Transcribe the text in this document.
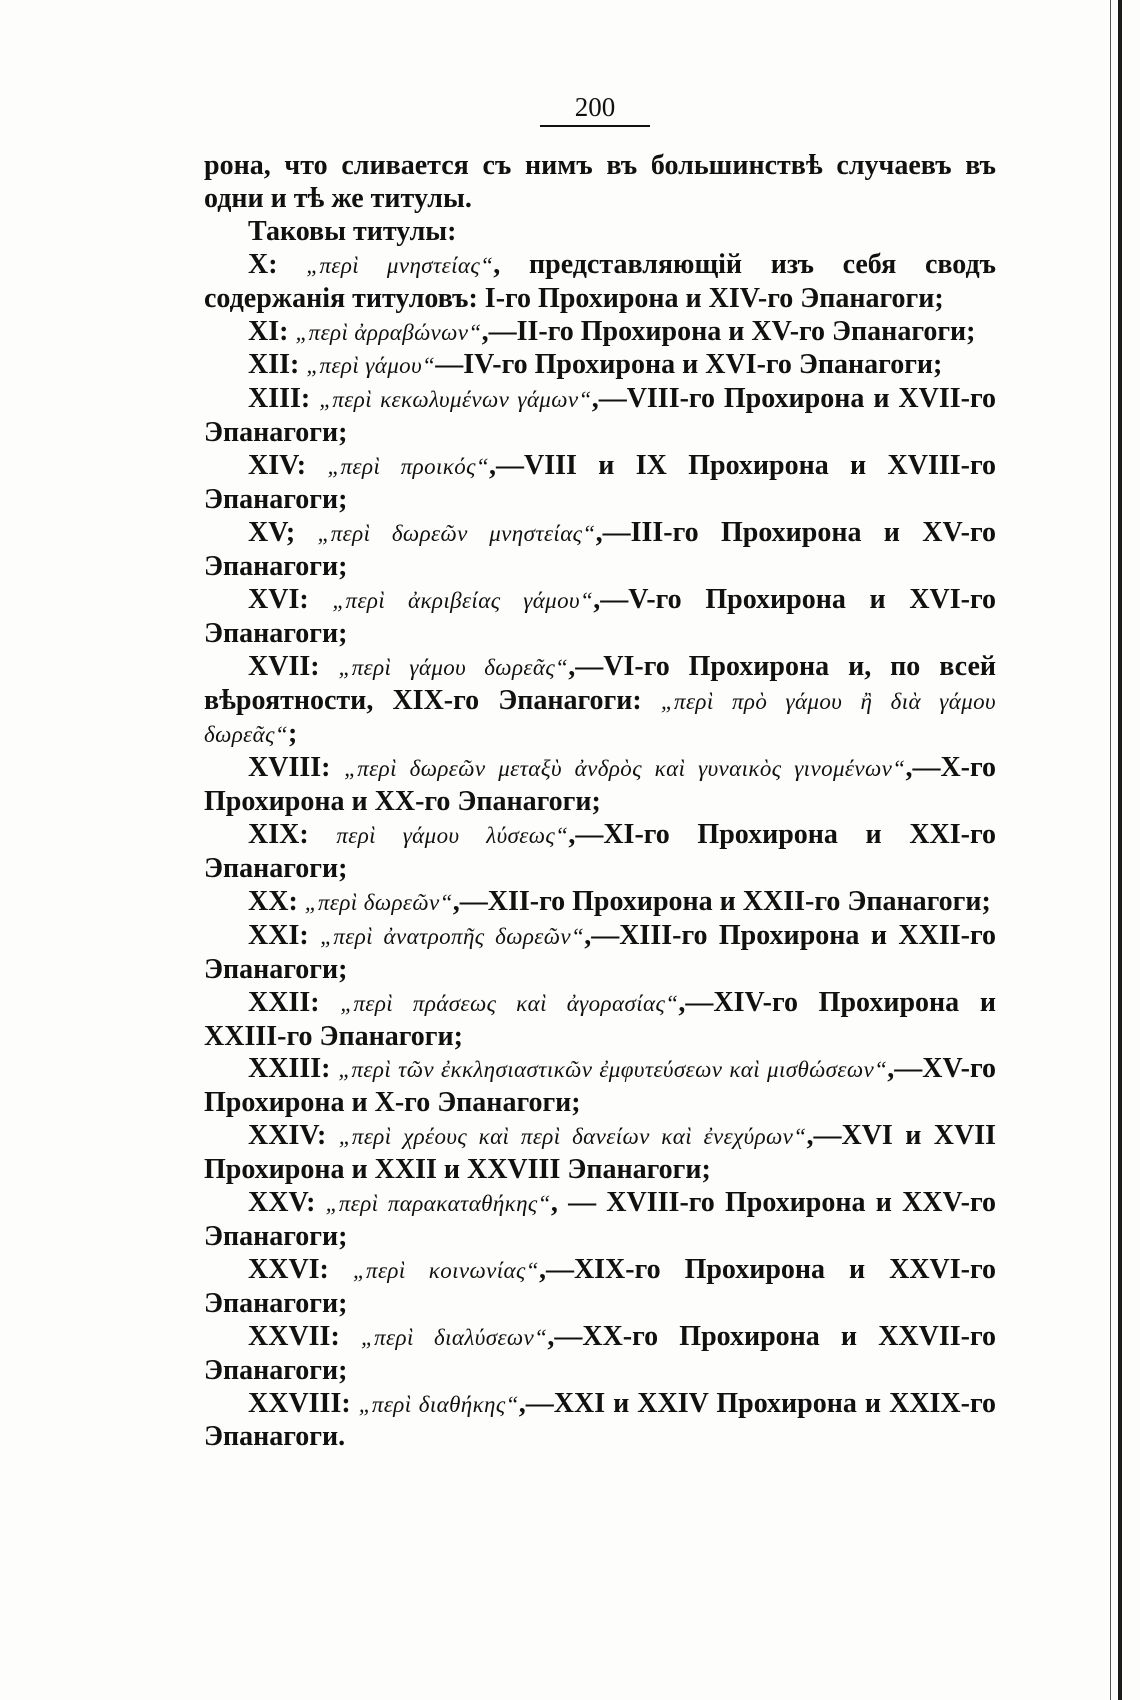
200

рона, что сливается съ нимъ въ большинствѣ случаевъ въ одни и тѣ же титулы.

Таковы титулы:

X: „περὶ μνηστείας“, представляющій изъ себя сводъ содержанія титуловъ: I-го Прохирона и XIV-го Эпанагоги;

XI: „περὶ ἀρραβώνων“,—II-го Прохирона и XV-го Эпанагоги;

XII: „περὶ γάμου“—IV-го Прохирона и XVI-го Эпанагоги;

XIII: „περὶ κεκωλυμένων γάμων“,—VIII-го Прохирона и XVII-го Эпанагоги;

XIV: „περὶ προικός“,—VIII и IX Прохирона и XVIII-го Эпанагоги;

XV; „περὶ δωρεῶν μνηστείας“,—III-го Прохирона и XV-го Эпанагоги;

XVI: „περὶ ἀκριβείας γάμου“,—V-го Прохирона и XVI-го Эпанагоги;

XVII: „περὶ γάμου δωρεᾶς“,—VI-го Прохирона и, по всей вѣроятности, XIX-го Эпанагоги: „περὶ πρὸ γάμου ἢ διὰ γάμου δωρεᾶς“;

XVIII: „περὶ δωρεῶν μεταξὺ ἀνδρὸς καὶ γυναικὸς γινομένων“,—X-го Прохирона и XX-го Эпанагоги;

XIX: περὶ γάμου λύσεως“,—XI-го Прохирона и XXI-го Эпанагоги;

XX: „περὶ δωρεῶν“,—XII-го Прохирона и XXII-го Эпанагоги;

XXI: „περὶ ἀνατροπῆς δωρεῶν“,—XIII-го Прохирона и XXII-го Эпанагоги;

XXII: „περὶ πράσεως καὶ ἀγορασίας“,—XIV-го Прохирона и XXIII-го Эпанагоги;

XXIII: „περὶ τῶν ἐκκλησιαστικῶν ἐμφυτεύσεων καὶ μισθώσεων“,—XV-го Прохирона и X-го Эпанагоги;

XXIV: „περὶ χρέους καὶ περὶ δανείων καὶ ἐνεχύρων“,—XVI и XVII Прохирона и XXII и XXVIII Эпанагоги;

XXV: „περὶ παρακαταθήκης“, — XVIII-го Прохирона и XXV-го Эпанагоги;

XXVI: „περὶ κοινωνίας“,—XIX-го Прохирона и XXVI-го Эпанагоги;

XXVII: „περὶ διαλύσεων“,—XX-го Прохирона и XXVII-го Эпанагоги;

XXVIII: „περὶ διαθήκης“,—XXI и XXIV Прохирона и XXIX-го Эпанагоги.
